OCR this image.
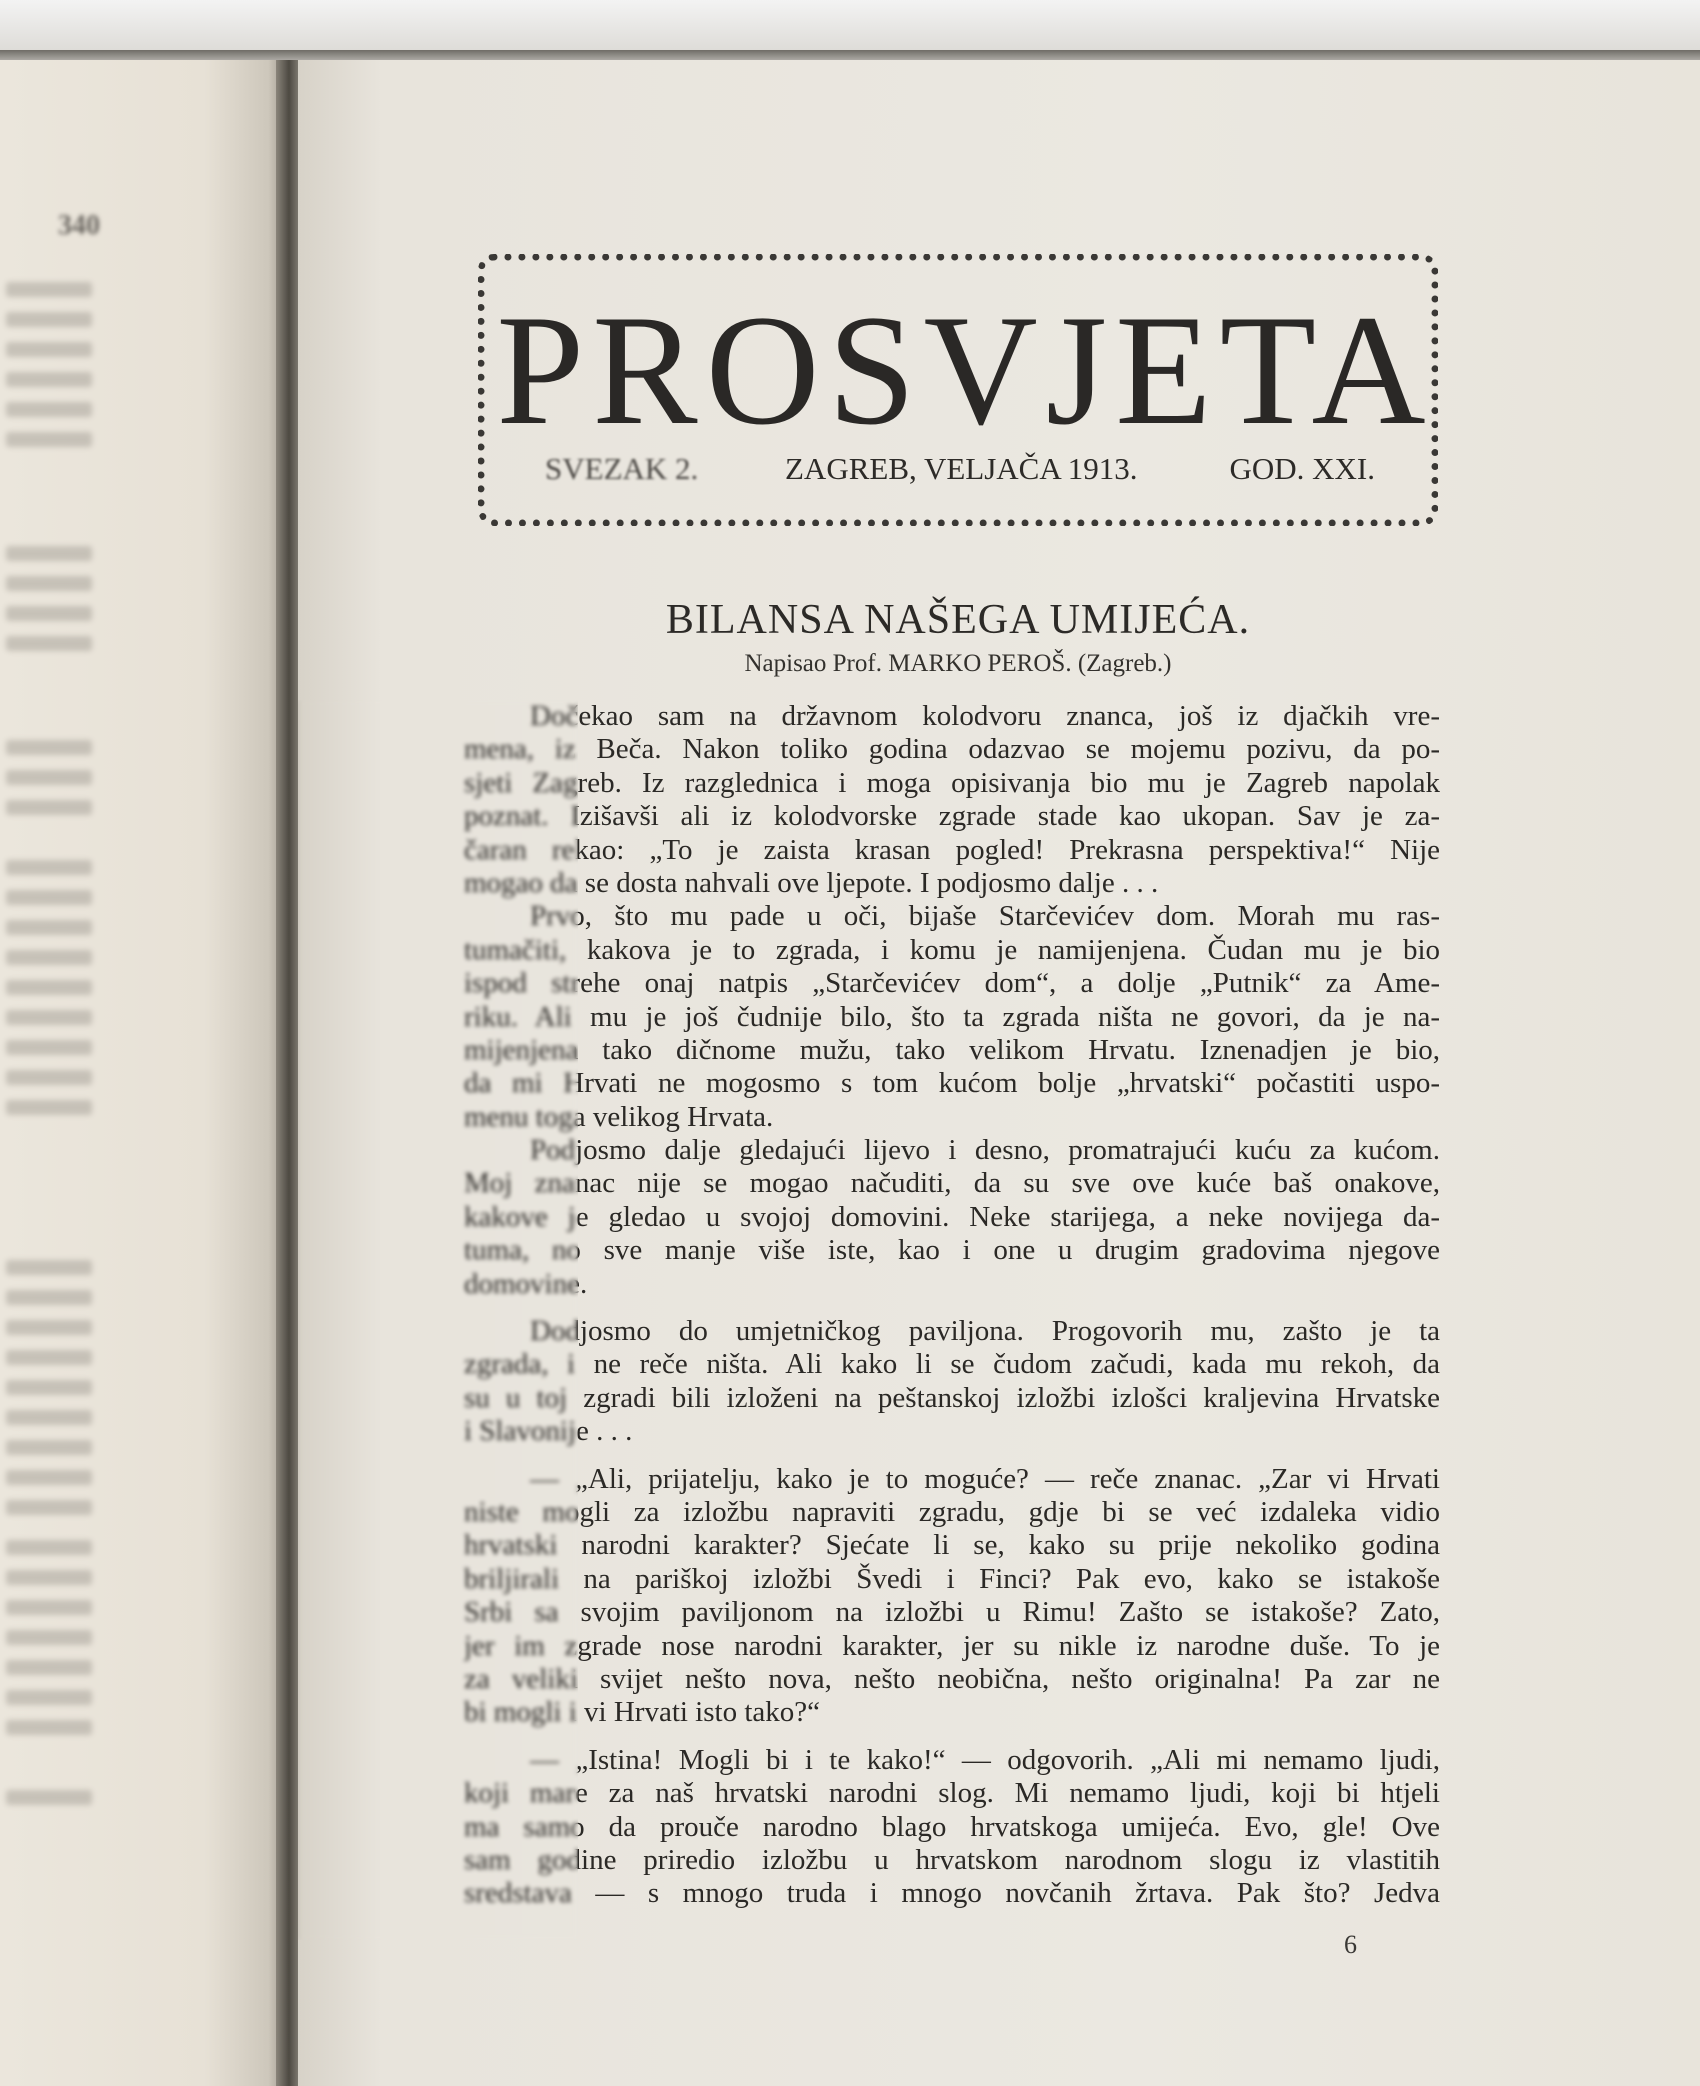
340
PROSVJETA
SVEZAK 2.	ZAGREB, VELJAČA 1913.	GOD. XXI.
BILANSA NAŠEGA UMIJEĆA.
Napisao Prof. MARKO PEROŠ. (Zagreb.)
Dočekao sam na državnom kolodvoru znanca, još iz djačkih vre-
mena, iz Beča. Nakon toliko godina odazvao se mojemu pozivu, da po-
sjeti Zagreb. Iz razglednica i moga opisivanja bio mu je Zagreb napolak
poznat. Izišavši ali iz kolodvorske zgrade stade kao ukopan. Sav je za-
čaran rekao: „To je zaista krasan pogled! Prekrasna perspektiva!“ Nije
mogao da se dosta nahvali ove ljepote. I podjosmo dalje . . .
Prvo, što mu pade u oči, bijaše Starčevićev dom. Morah mu ras-
tumačiti, kakova je to zgrada, i komu je namijenjena. Čudan mu je bio
ispod strehe onaj natpis „Starčevićev dom“, a dolje „Putnik“ za Ame-
riku. Ali mu je još čudnije bilo, što ta zgrada ništa ne govori, da je na-
mijenjena tako dičnome mužu, tako velikom Hrvatu. Iznenadjen je bio,
da mi Hrvati ne mogosmo s tom kućom bolje „hrvatski“ počastiti uspo-
menu toga velikog Hrvata.
Podjosmo dalje gledajući lijevo i desno, promatrajući kuću za kućom.
Moj znanac nije se mogao načuditi, da su sve ove kuće baš onakove,
kakove je gledao u svojoj domovini. Neke starijega, a neke novijega da-
tuma, no sve manje više iste, kao i one u drugim gradovima njegove
domovine.
Dodjosmo do umjetničkog paviljona. Progovorih mu, zašto je ta
zgrada, i ne reče ništa. Ali kako li se čudom začudi, kada mu rekoh, da
su u toj zgradi bili izloženi na peštanskoj izložbi izlošci kraljevina Hrvatske
i Slavonije . . .
— „Ali, prijatelju, kako je to moguće? — reče znanac. „Zar vi Hrvati
niste mogli za izložbu napraviti zgradu, gdje bi se već izdaleka vidio
hrvatski narodni karakter? Sjećate li se, kako su prije nekoliko godina
briljirali na pariškoj izložbi Švedi i Finci? Pak evo, kako se istakoše
Srbi sa svojim paviljonom na izložbi u Rimu! Zašto se istakoše? Zato,
jer im zgrade nose narodni karakter, jer su nikle iz narodne duše. To je
za veliki svijet nešto nova, nešto neobična, nešto originalna! Pa zar ne
bi mogli i vi Hrvati isto tako?“
— „Istina! Mogli bi i te kako!“ — odgovorih. „Ali mi nemamo ljudi,
koji mare za naš hrvatski narodni slog. Mi nemamo ljudi, koji bi htjeli
ma samo da prouče narodno blago hrvatskoga umijeća. Evo, gle! Ove
sam godine priredio izložbu u hrvatskom narodnom slogu iz vlastitih
sredstava — s mnogo truda i mnogo novčanih žrtava. Pak što? Jedva
6
